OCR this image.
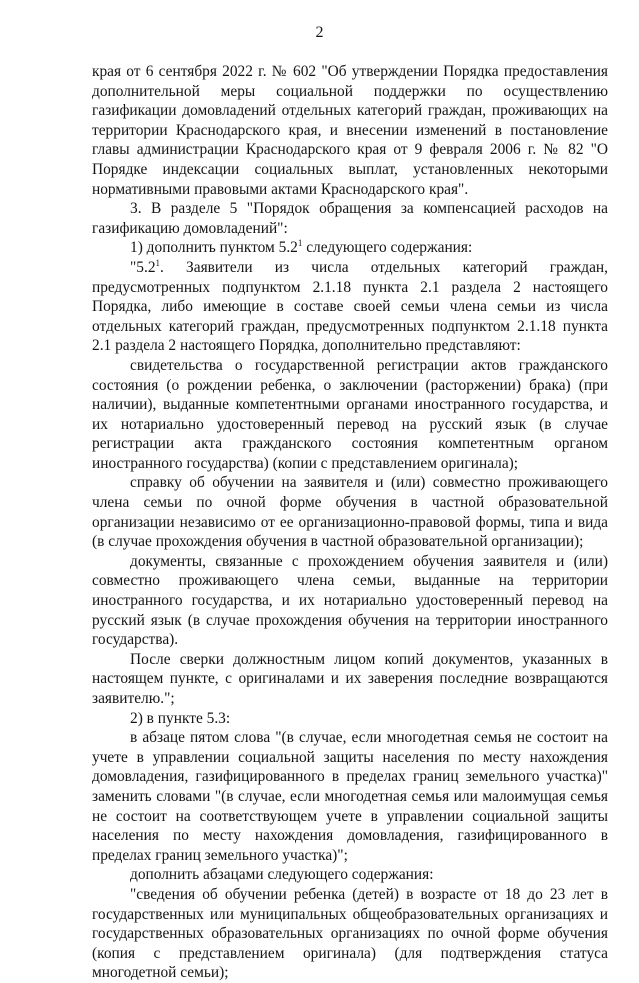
2

края от 6 сентября 2022 г. № 602 "Об утверждении Порядка предоставления дополнительной меры социальной поддержки по осуществлению газификации домовладений отдельных категорий граждан, проживающих на территории Краснодарского края, и внесении изменений в постановление главы администрации Краснодарского края от 9 февраля 2006 г. № 82 "О Порядке индексации социальных выплат, установленных некоторыми нормативными правовыми актами Краснодарского края".

3. В разделе 5 "Порядок обращения за компенсацией расходов на газификацию домовладений":

1) дополнить пунктом $5.2^1$ следующего содержания:

"$5.2^1$. Заявители из числа отдельных категорий граждан, предусмотренных подпунктом 2.1.18 пункта 2.1 раздела 2 настоящего Порядка, либо имеющие в составе своей семьи члена семьи из числа отдельных категорий граждан, предусмотренных подпунктом 2.1.18 пункта 2.1 раздела 2 настоящего Порядка, дополнительно представляют:

свидетельства о государственной регистрации актов гражданского состояния (о рождении ребенка, о заключении (расторжении) брака) (при наличии), выданные компетентными органами иностранного государства, и их нотариально удостоверенный перевод на русский язык (в случае регистрации акта гражданского состояния компетентным органом иностранного государства) (копии с представлением оригинала);

справку об обучении на заявителя и (или) совместно проживающего члена семьи по очной форме обучения в частной образовательной организации независимо от ее организационно-правовой формы, типа и вида (в случае прохождения обучения в частной образовательной организации);

документы, связанные с прохождением обучения заявителя и (или) совместно проживающего члена семьи, выданные на территории иностранного государства, и их нотариально удостоверенный перевод на русский язык (в случае прохождения обучения на территории иностранного государства).

После сверки должностным лицом копий документов, указанных в настоящем пункте, с оригиналами и их заверения последние возвращаются заявителю.";

2) в пункте 5.3:

в абзаце пятом слова "(в случае, если многодетная семья не состоит на учете в управлении социальной защиты населения по месту нахождения домовладения, газифицированного в пределах границ земельного участка)" заменить словами "(в случае, если многодетная семья или малоимущая семья не состоит на соответствующем учете в управлении социальной защиты населения по месту нахождения домовладения, газифицированного в пределах границ земельного участка)";

дополнить абзацами следующего содержания:

"сведения об обучении ребенка (детей) в возрасте от 18 до 23 лет в государственных или муниципальных общеобразовательных организациях и государственных образовательных организациях по очной форме обучения (копия с представлением оригинала) (для подтверждения статуса многодетной семьи);
